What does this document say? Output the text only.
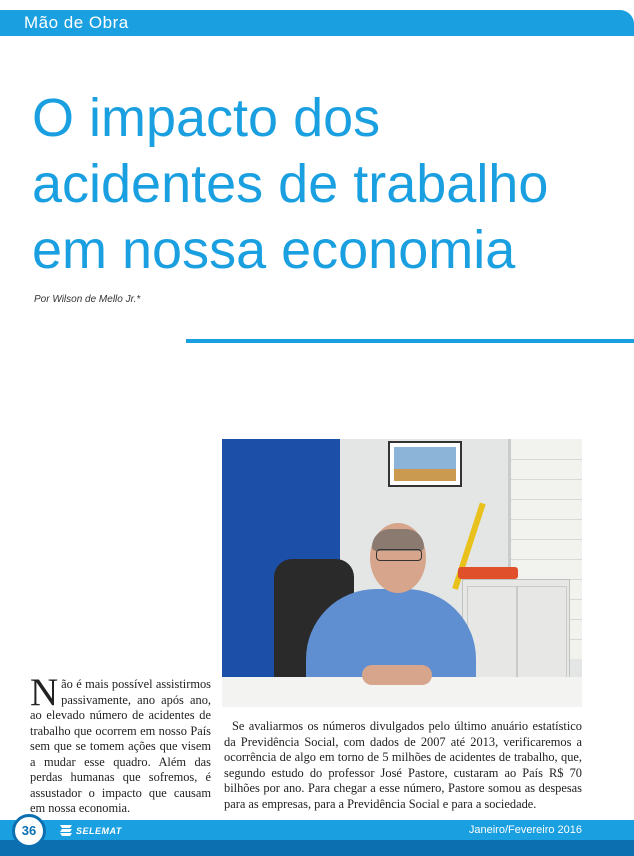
Mão de Obra
O impacto dos
acidentes de trabalho
em nossa economia
Por Wilson de Mello Jr.*
Não é mais possível assistirmos passivamente, ano após ano, ao elevado número de acidentes de trabalho que ocorrem em nosso País sem que se tomem ações que visem a mudar esse quadro. Além das perdas humanas que sofremos, é assustador o impacto que causam em nossa economia.
Se avaliarmos os números divulgados pelo último anuário estatístico da Previdência Social, com dados de 2007 até 2013, verificaremos a ocorrência de algo em torno de 5 milhões de acidentes de trabalho, que, segundo estudo do professor José Pastore, custaram ao País R$ 70 bilhões por ano. Para chegar a esse número, Pastore somou as despesas para as empresas, para a Previdência Social e para a sociedade.
36	SELEMAT	Janeiro/Fevereiro 2016
